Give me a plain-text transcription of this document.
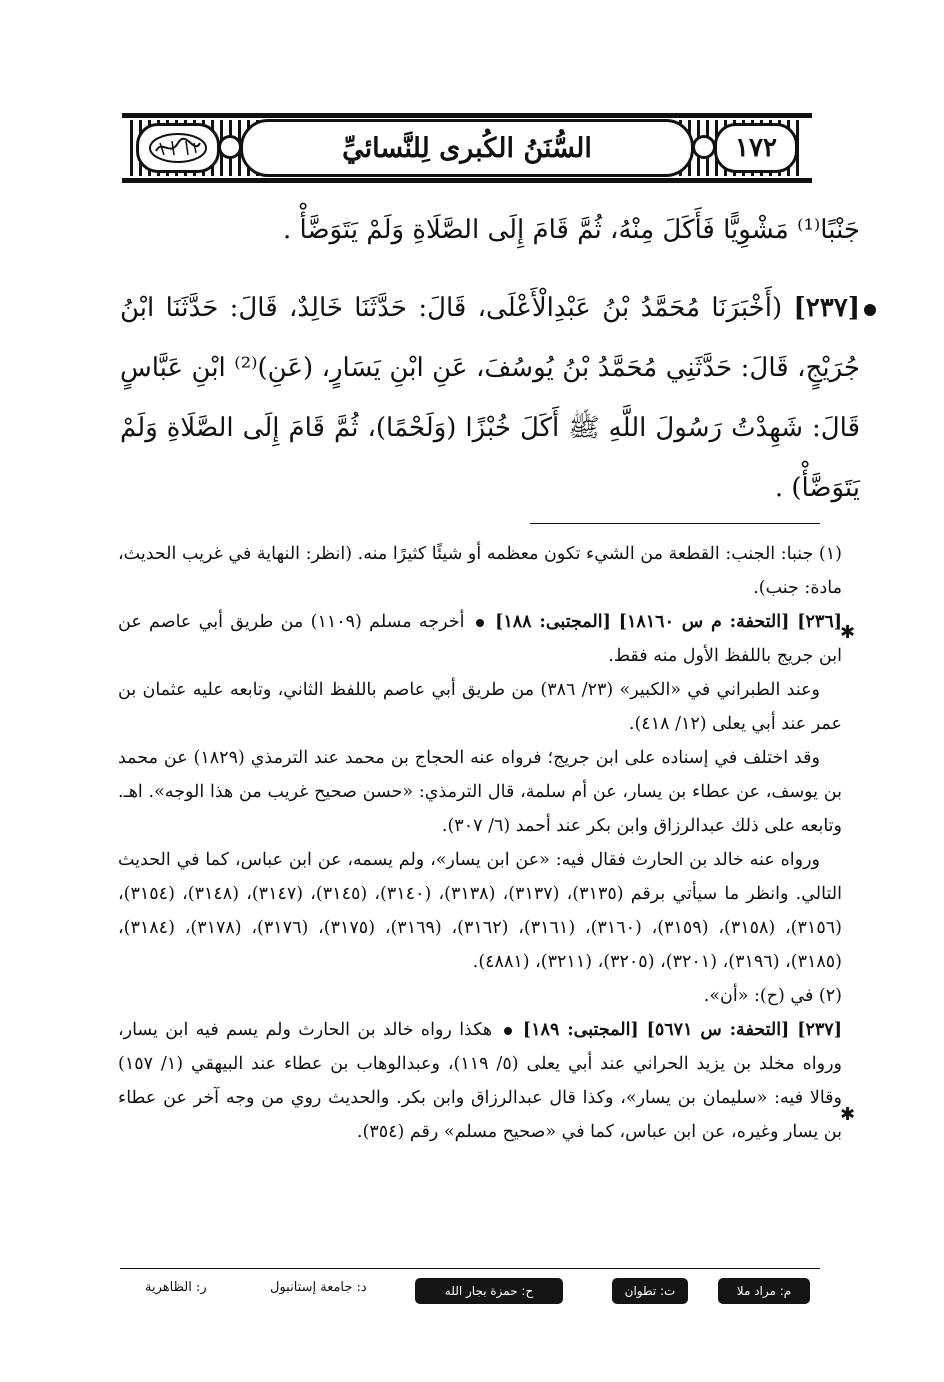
السُّنَنُ الكُبرى لِلنَّسائيِّ	١٧٢
جَنْبًا⁽¹⁾ مَشْوِيًّا فَأَكَلَ مِنْهُ، ثُمَّ قَامَ إِلَى الصَّلَاةِ وَلَمْ يَتَوَضَّأْ .
[٢٣٧] (أَخْبَرَنَا مُحَمَّدُ بْنُ عَبْدِالْأَعْلَى، قَالَ: حَدَّثَنَا خَالِدٌ، قَالَ: حَدَّثَنَا ابْنُ جُرَيْجٍ، قَالَ: حَدَّثَنِي مُحَمَّدُ بْنُ يُوسُفَ، عَنِ ابْنِ يَسَارٍ، (عَنِ)⁽²⁾ ابْنِ عَبَّاسٍ قَالَ: شَهِدْتُ رَسُولَ اللَّهِ ﷺ أَكَلَ خُبْزًا (وَلَحْمًا)، ثُمَّ قَامَ إِلَى الصَّلَاةِ وَلَمْ يَتَوَضَّأْ) .

(١) جنبا: الجنب: القطعة من الشيء تكون معظمه أو شيئًا كثيرًا منه. (انظر: النهاية في غريب الحديث، مادة: جنب).

[٢٣٦] [التحفة: م س ١٨١٦٠] [المجتبى: ١٨٨]  أخرجه مسلم (١١٠٩) من طريق أبي عاصم عن ابن جريج باللفظ الأول منه فقط.

وعند الطبراني في «الكبير» (٢٣/ ٣٨٦) من طريق أبي عاصم باللفظ الثاني، وتابعه عليه عثمان بن عمر عند أبي يعلى (١٢/ ٤١٨).

وقد اختلف في إسناده على ابن جريج؛ فرواه عنه الحجاج بن محمد عند الترمذي (١٨٢٩) عن محمد بن يوسف، عن عطاء بن يسار، عن أم سلمة، قال الترمذي: «حسن صحيح غريب من هذا الوجه». اهـ. وتابعه على ذلك عبدالرزاق وابن بكر عند أحمد (٦/ ٣٠٧).

ورواه عنه خالد بن الحارث فقال فيه: «عن ابن يسار»، ولم يسمه، عن ابن عباس، كما في الحديث التالي. وانظر ما سيأتي برقم (٣١٣٥)، (٣١٣٧)، (٣١٣٨)، (٣١٤٠)، (٣١٤٥)، (٣١٤٧)، (٣١٤٨)، (٣١٥٤)، (٣١٥٦)، (٣١٥٨)، (٣١٥٩)، (٣١٦٠)، (٣١٦١)، (٣١٦٢)، (٣١٦٩)، (٣١٧٥)، (٣١٧٦)، (٣١٧٨)، (٣١٨٤)، (٣١٨٥)، (٣١٩٦)، (٣٢٠١)، (٣٢٠٥)، (٣٢١١)، (٤٨٨١).

(٢) في (ح): «أن».

[٢٣٧] [التحفة: س ٥٦٧١] [المجتبى: ١٨٩]  هكذا رواه خالد بن الحارث ولم يسم فيه ابن يسار، ورواه مخلد بن يزيد الحراني عند أبي يعلى (٥/ ١١٩)، وعبدالوهاب بن عطاء عند البيهقي (١/ ١٥٧) وقالا فيه: «سليمان بن يسار»، وكذا قال عبدالرزاق وابن بكر. والحديث روي من وجه آخر عن عطاء بن يسار وغيره، عن ابن عباس، كما في «صحيح مسلم» رقم (٣٥٤).

✱
✱
ر: الظاهرية	د: جامعة إستانبول	ح: حمزة بجار الله	ت: تطوان	م: مراد ملا
